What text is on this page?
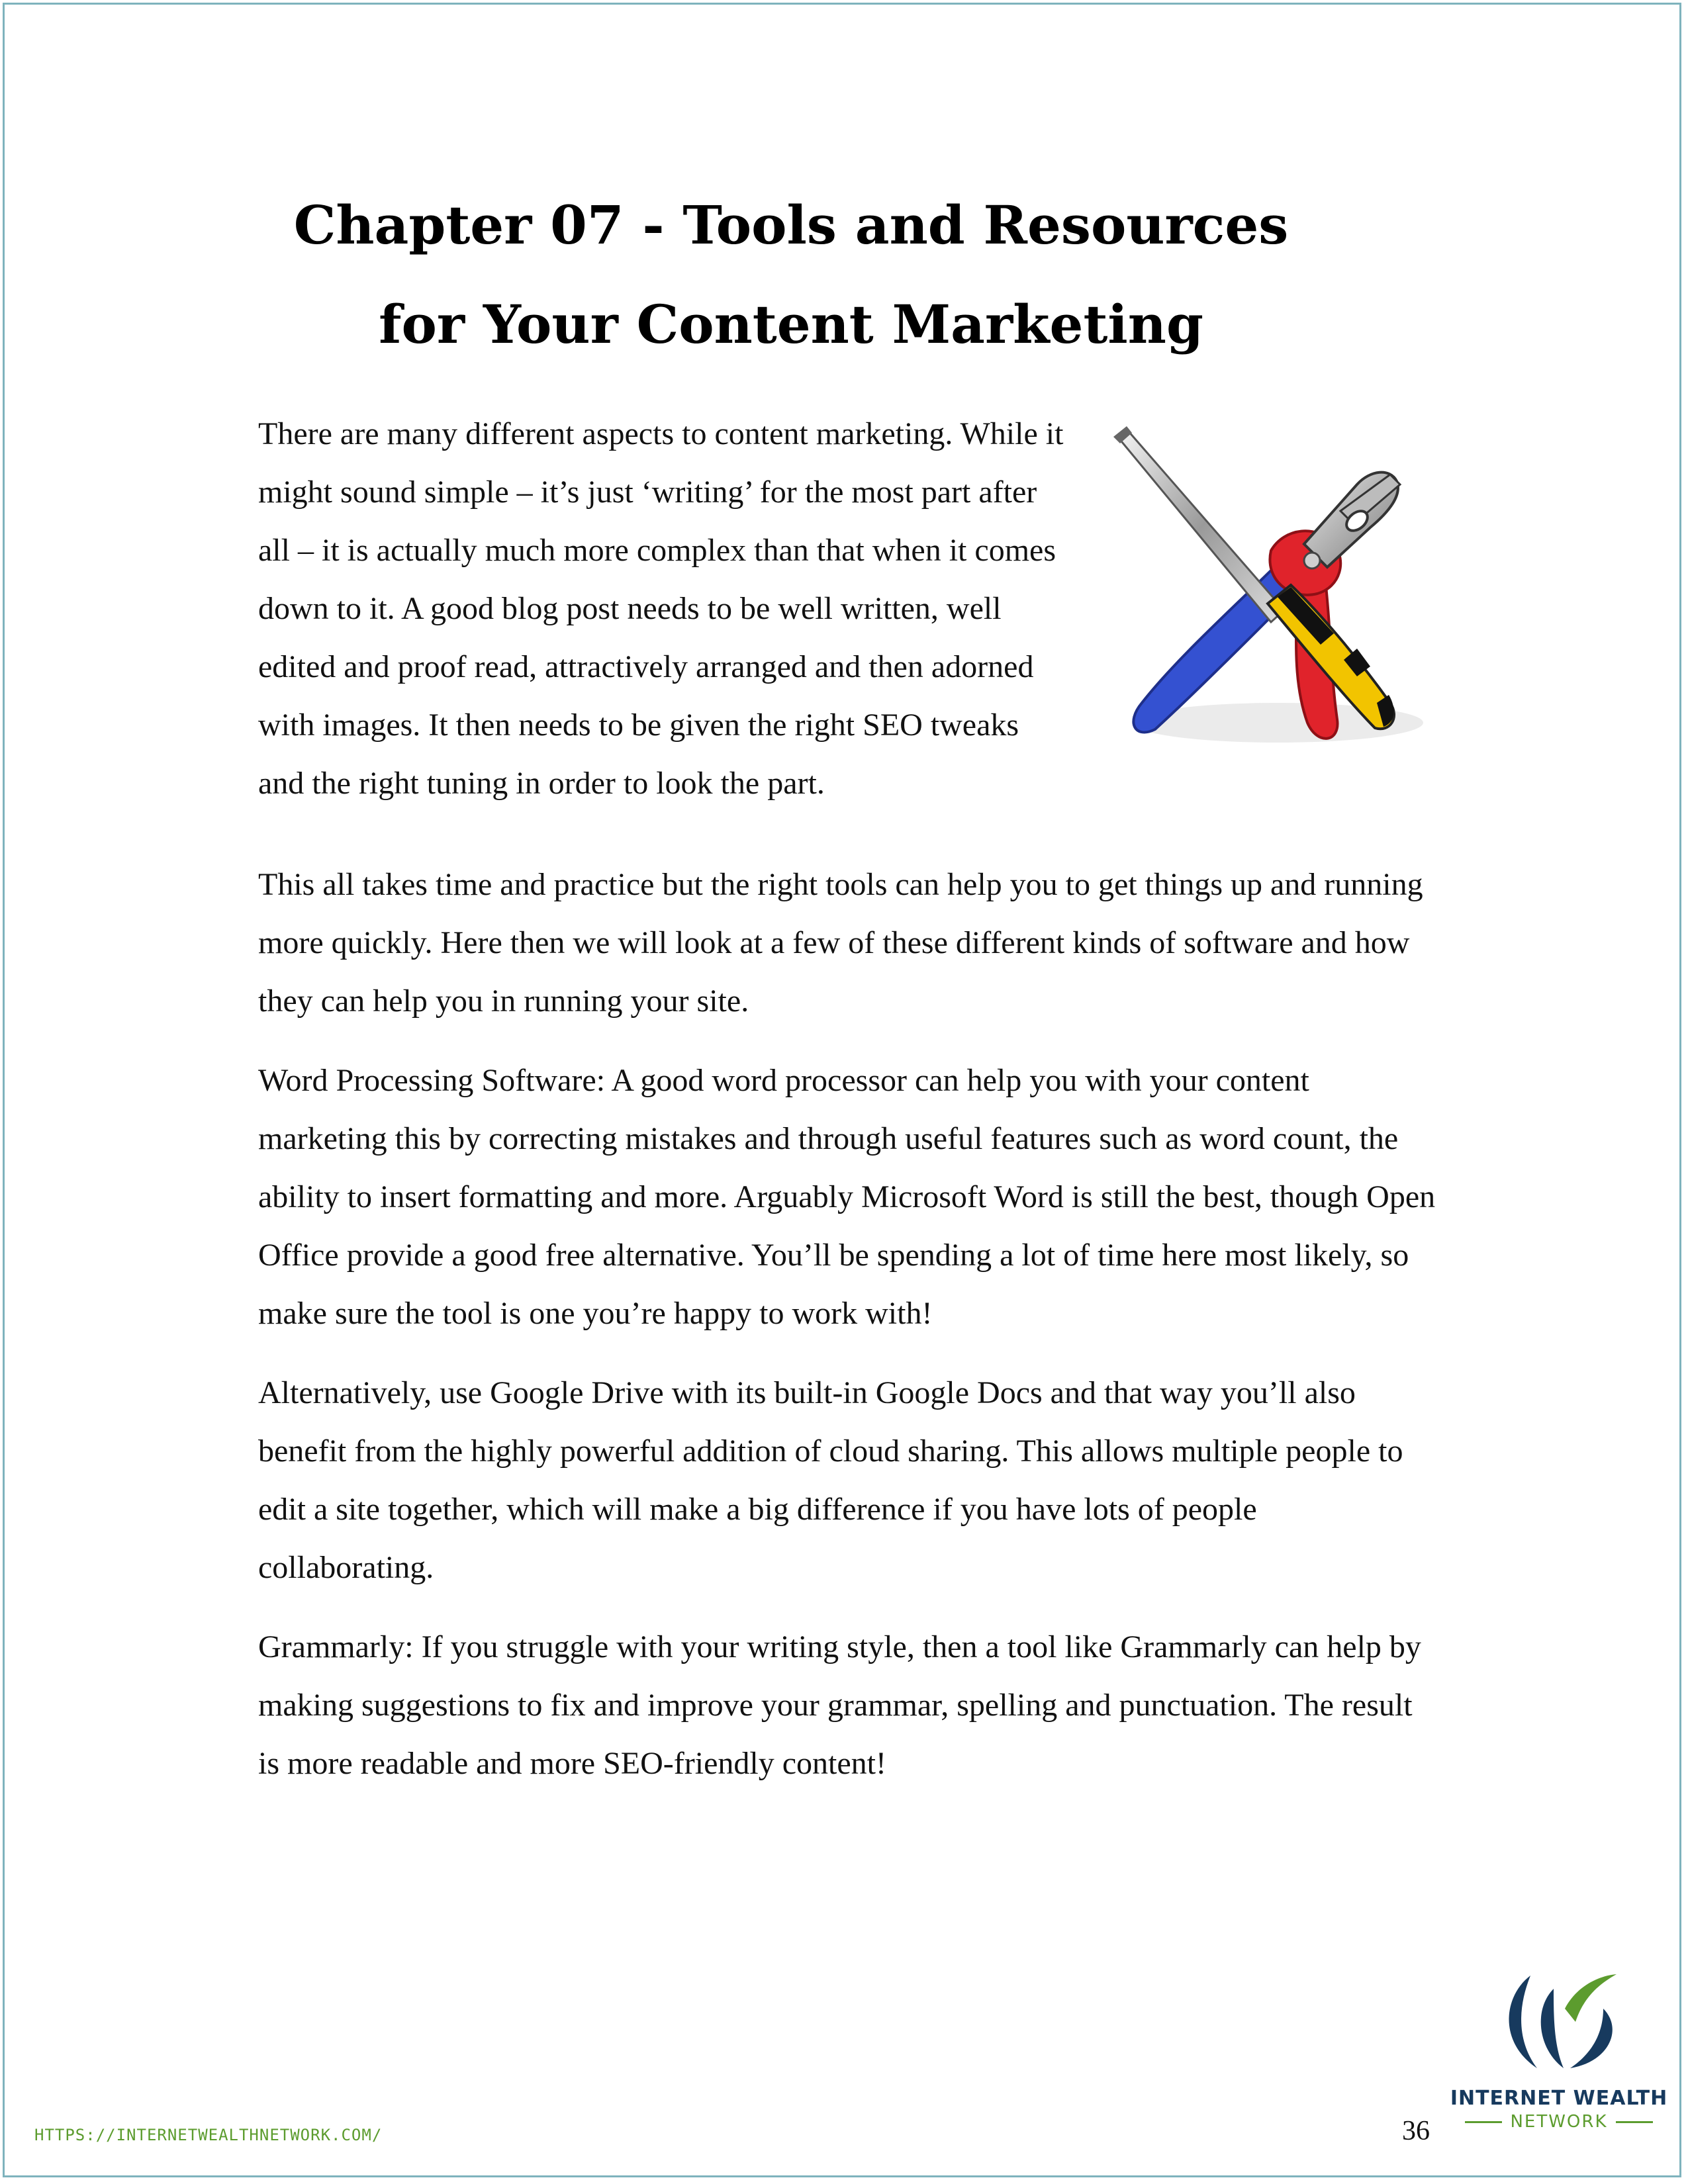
Chapter 07 - Tools and Resources
for Your Content Marketing

There are many different aspects to content marketing. While it might sound simple – it’s just ‘writing’ for the most part after all – it is actually much more complex than that when it comes down to it. A good blog post needs to be well written, well edited and proof read, attractively arranged and then adorned with images. It then needs to be given the right SEO tweaks and the right tuning in order to look the part.

This all takes time and practice but the right tools can help you to get things up and running more quickly. Here then we will look at a few of these different kinds of software and how they can help you in running your site.

Word Processing Software: A good word processor can help you with your content marketing this by correcting mistakes and through useful features such as word count, the ability to insert formatting and more. Arguably Microsoft Word is still the best, though Open Office provide a good free alternative. You’ll be spending a lot of time here most likely, so make sure the tool is one you’re happy to work with!

Alternatively, use Google Drive with its built-in Google Docs and that way you’ll also benefit from the highly powerful addition of cloud sharing. This allows multiple people to edit a site together, which will make a big difference if you have lots of people collaborating.

Grammarly: If you struggle with your writing style, then a tool like Grammarly can help by making suggestions to fix and improve your grammar, spelling and punctuation. The result is more readable and more SEO-friendly content!

HTTPS://INTERNETWEALTHNETWORK.COM/	36
INTERNET WEALTH
NETWORK
